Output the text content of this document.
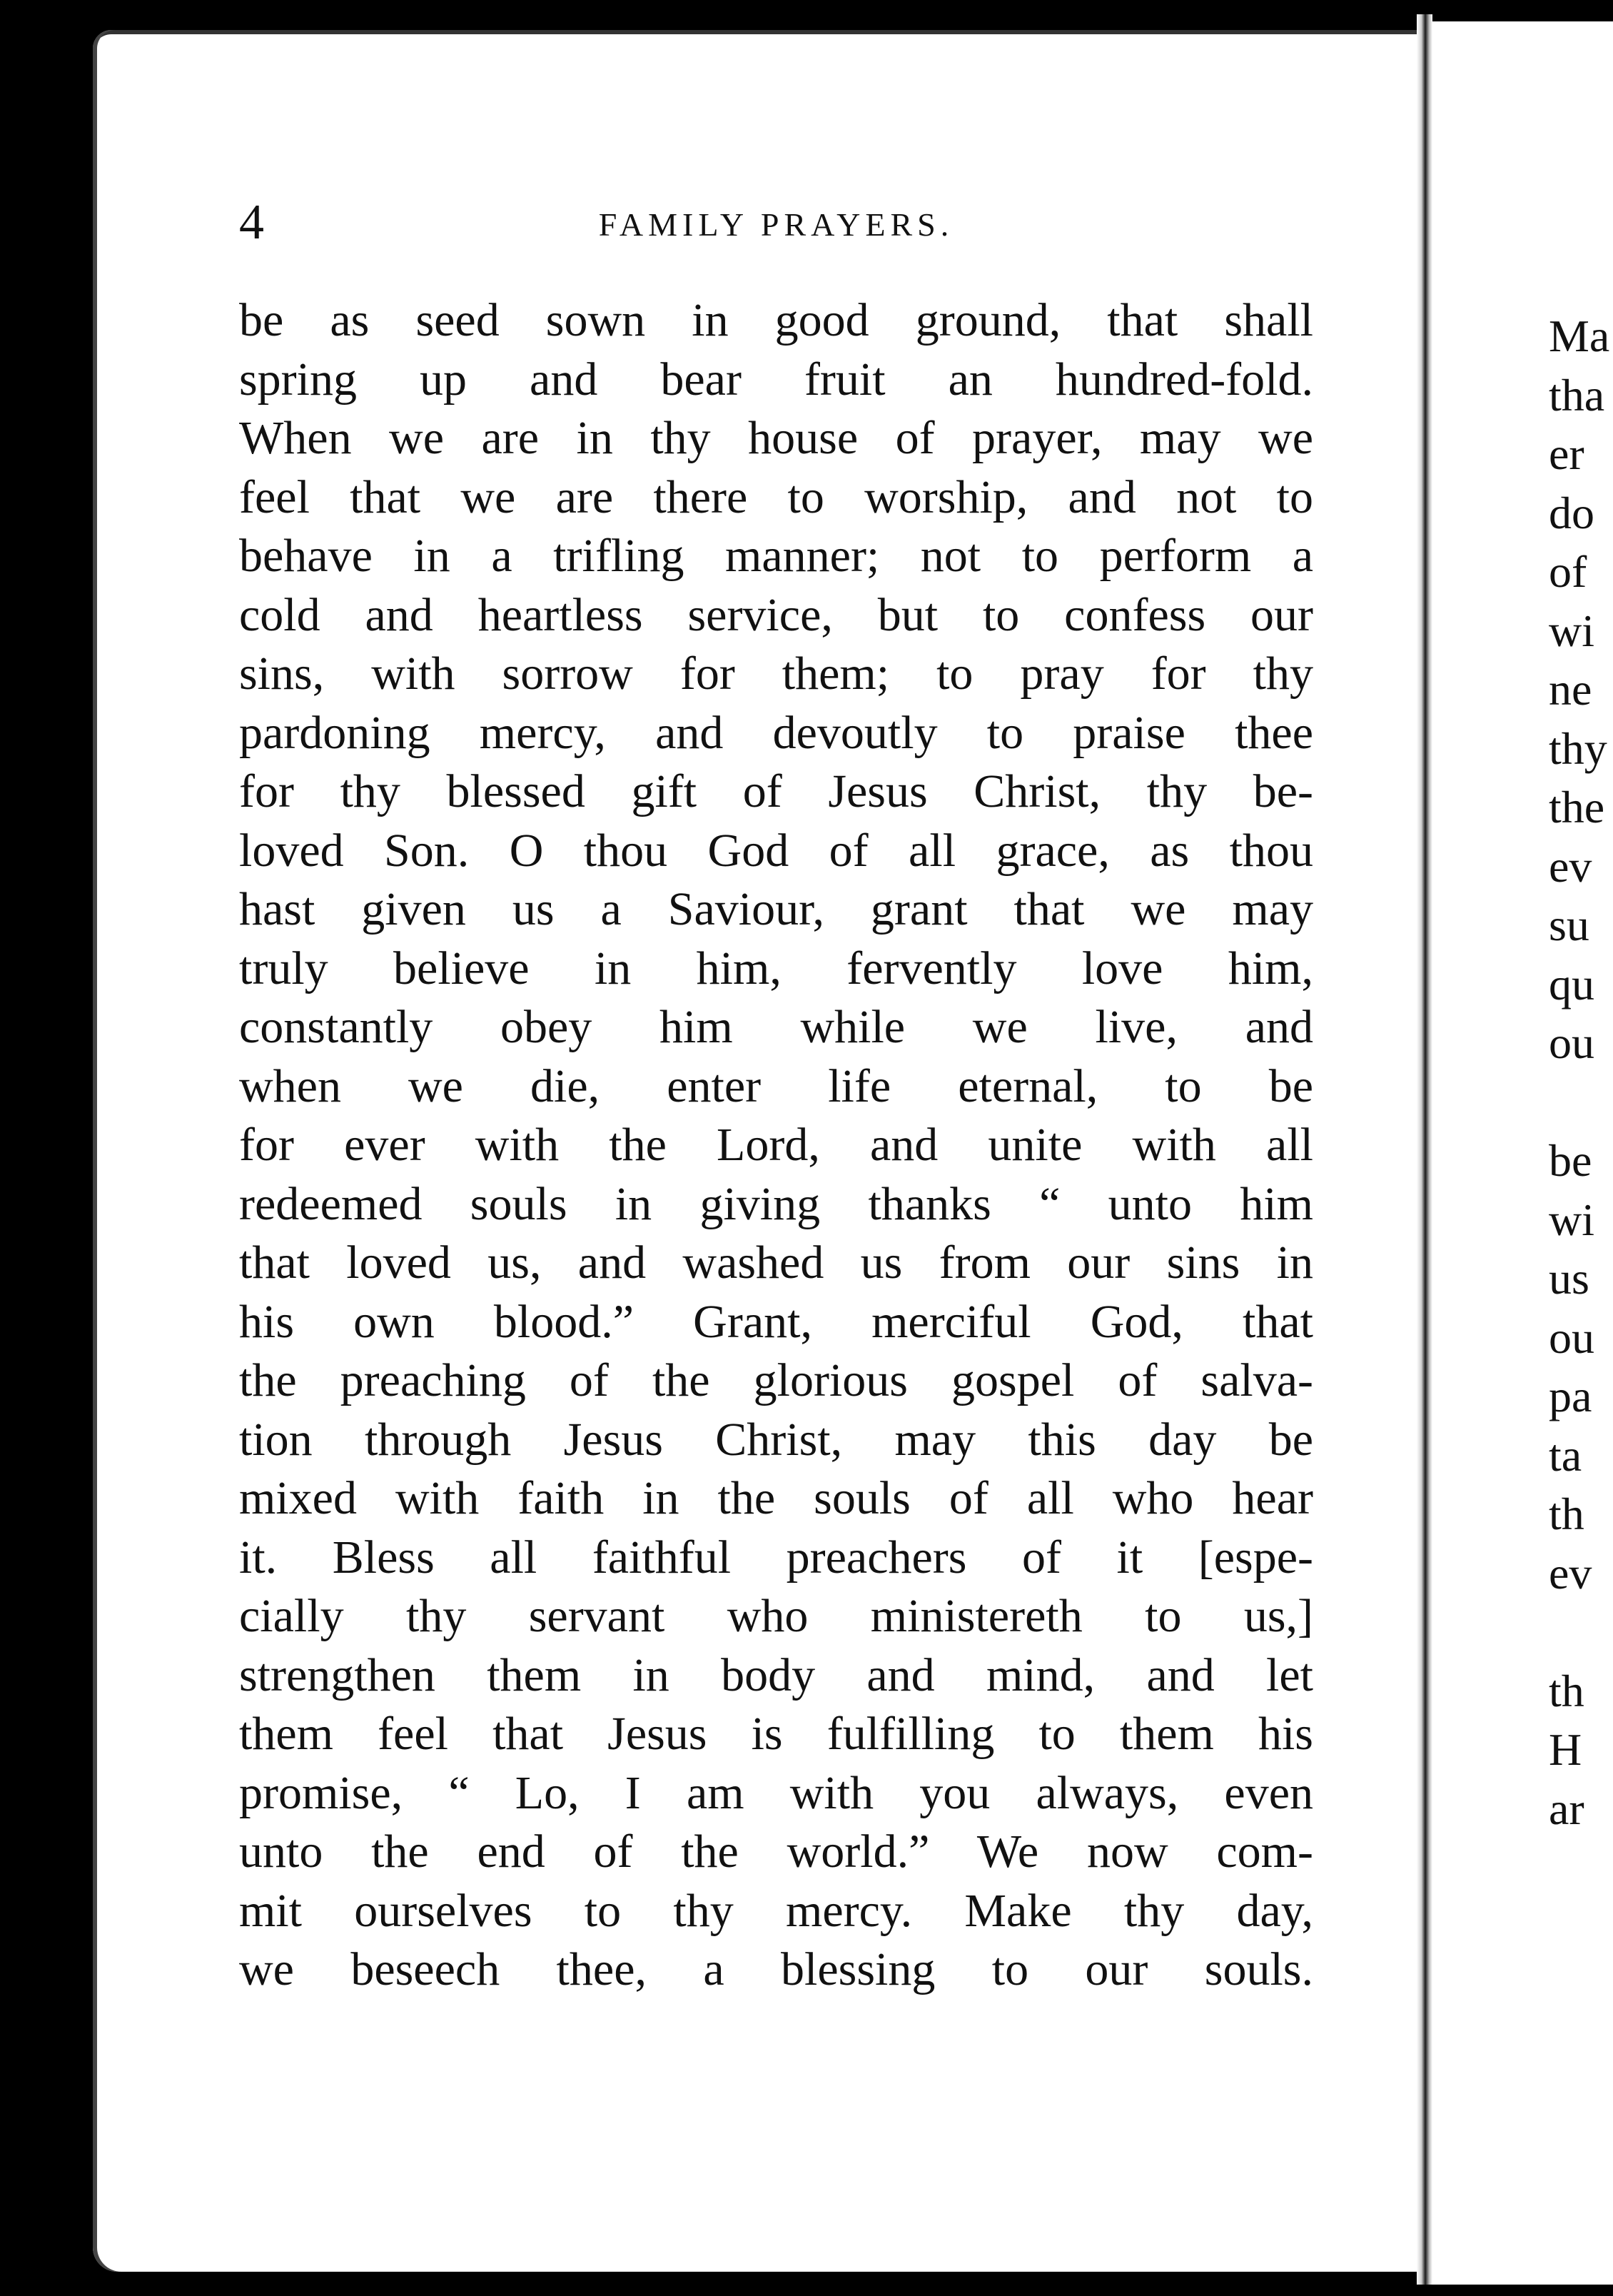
4	FAMILY PRAYERS.
be as seed sown in good ground, that shall
spring up and bear fruit an hundred-fold.
When we are in thy house of prayer, may we
feel that we are there to worship, and not to
behave in a trifling manner; not to perform a
cold and heartless service, but to confess our
sins, with sorrow for them; to pray for thy
pardoning mercy, and devoutly to praise thee
for thy blessed gift of Jesus Christ, thy be-
loved Son. O thou God of all grace, as thou
hast given us a Saviour, grant that we may
truly believe in him, fervently love him,
constantly obey him while we live, and
when we die, enter life eternal, to be
for ever with the Lord, and unite with all
redeemed souls in giving thanks “ unto him
that loved us, and washed us from our sins in
his own blood.” Grant, merciful God, that
the preaching of the glorious gospel of salva-
tion through Jesus Christ, may this day be
mixed with faith in the souls of all who hear
it. Bless all faithful preachers of it [espe-
cially thy servant who ministereth to us,]
strengthen them in body and mind, and let
them feel that Jesus is fulfilling to them his
promise, “ Lo, I am with you always, even
unto the end of the world.” We now com-
mit ourselves to thy mercy. Make thy day,
we beseech thee, a blessing to our souls.
Ma
tha
er
do
of
wi
ne
thy
the
ev
su
qu
ou
be
wi
us
ou
pa
ta
th
ev
th
H
ar
